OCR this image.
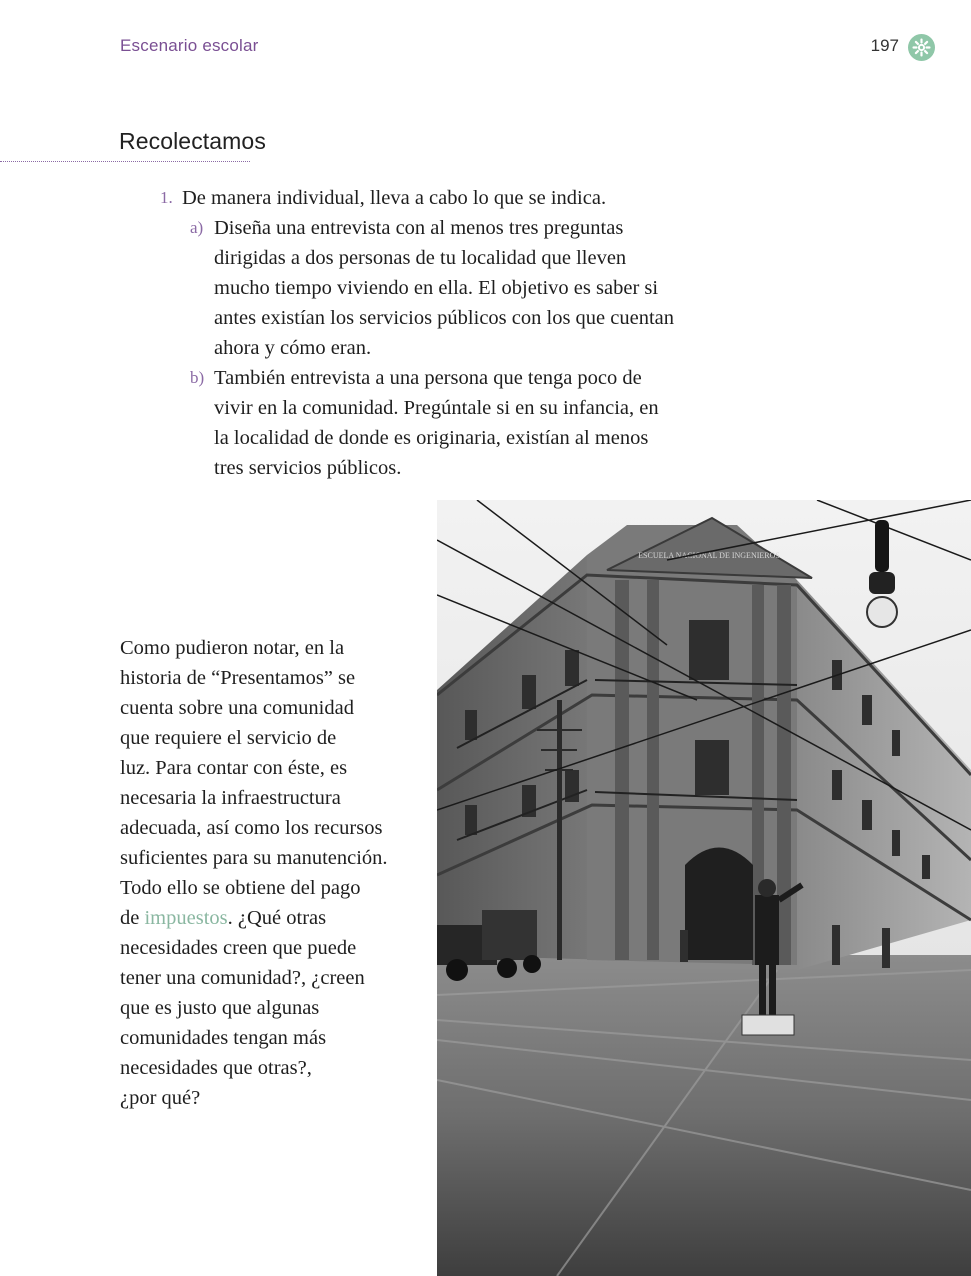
Escenario escolar	197
Recolectamos
1. De manera individual, lleva a cabo lo que se indica.
a) Diseña una entrevista con al menos tres preguntas
dirigidas a dos personas de tu localidad que lleven
mucho tiempo viviendo en ella. El objetivo es saber si
antes existían los servicios públicos con los que cuentan
ahora y cómo eran.
b) También entrevista a una persona que tenga poco de
vivir en la comunidad. Pregúntale si en su infancia, en
la localidad de donde es originaria, existían al menos
tres servicios públicos.
Como pudieron notar, en la
historia de “Presentamos” se
cuenta sobre una comunidad
que requiere el servicio de
luz. Para contar con éste, es
necesaria la infraestructura
adecuada, así como los recursos
suficientes para su manutención.
Todo ello se obtiene del pago
de impuestos. ¿Qué otras
necesidades creen que puede
tener una comunidad?, ¿creen
que es justo que algunas
comunidades tengan más
necesidades que otras?,
¿por qué?
ESCUELA NACIONAL DE INGENIEROS
